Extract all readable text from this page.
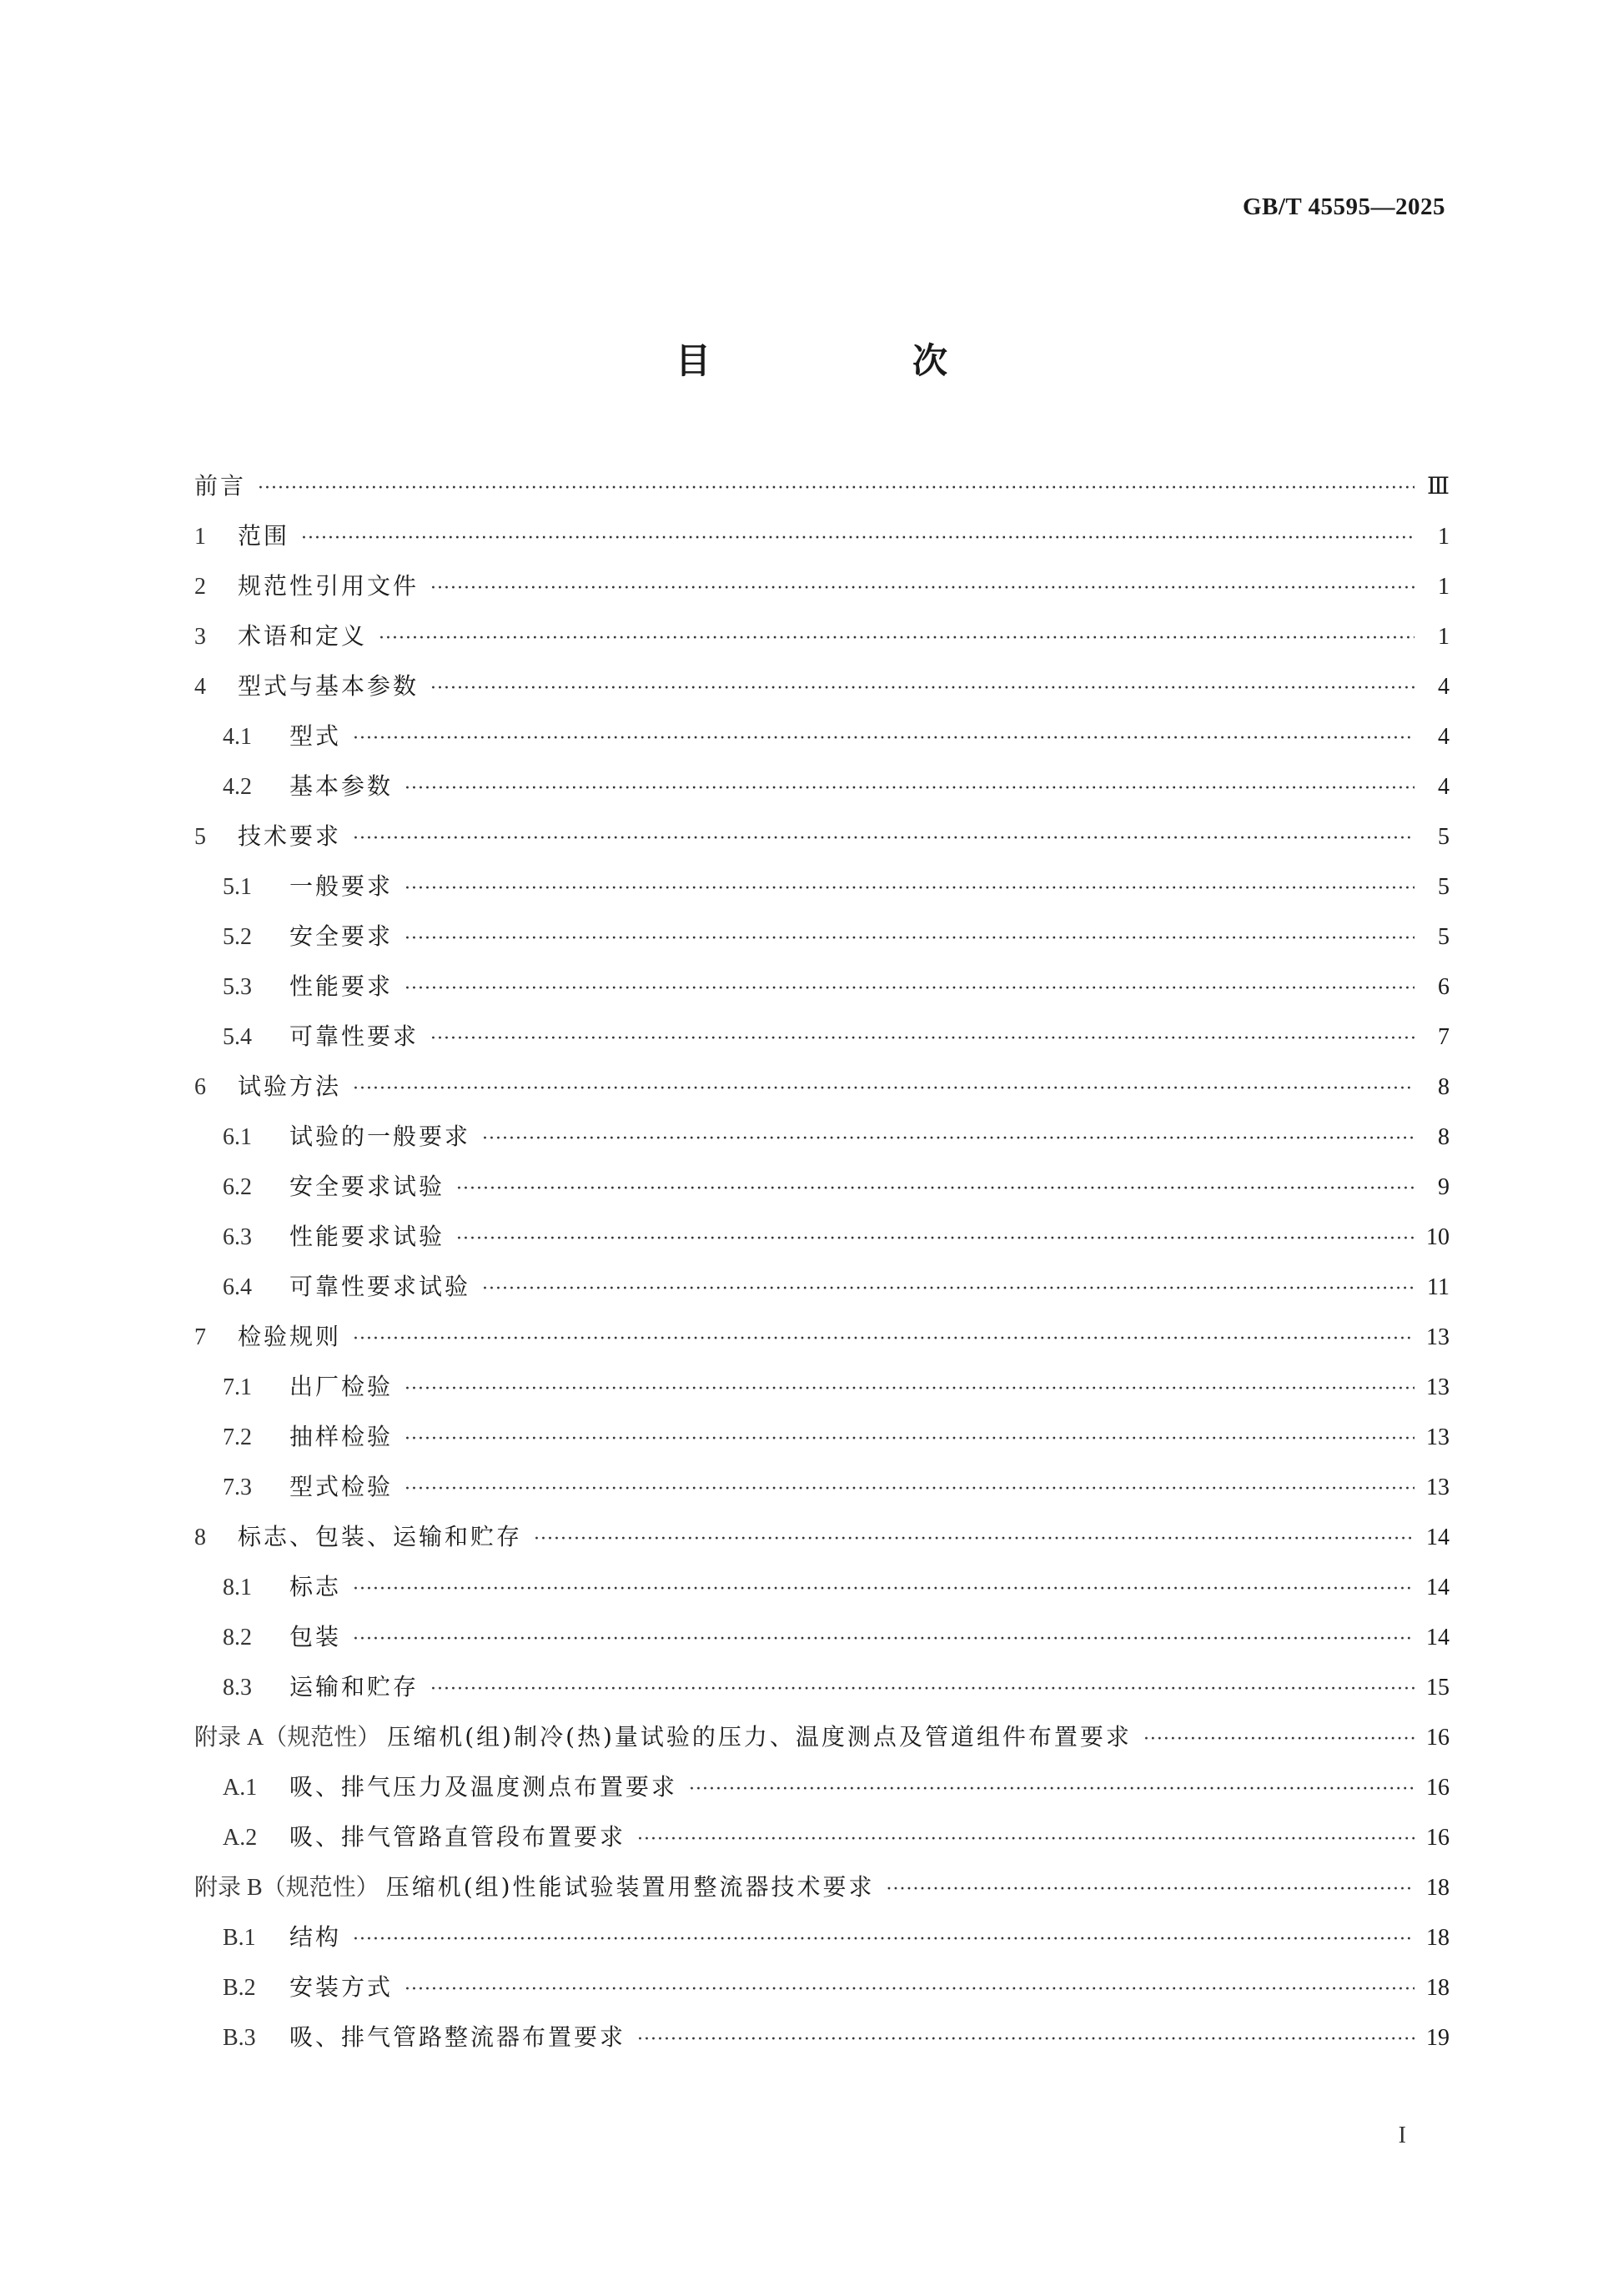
GB/T 45595—2025
目　次
前言 ·····	Ⅲ
1	范围 ·····	1
2	规范性引用文件 ·····	1
3	术语和定义 ·····	1
4	型式与基本参数 ·····	4
4.1	型式 ·····	4
4.2	基本参数 ·····	4
5	技术要求 ·····	5
5.1	一般要求 ·····	5
5.2	安全要求 ·····	5
5.3	性能要求 ·····	6
5.4	可靠性要求 ·····	7
6	试验方法 ·····	8
6.1	试验的一般要求 ·····	8
6.2	安全要求试验 ·····	9
6.3	性能要求试验 ·····	10
6.4	可靠性要求试验 ·····	11
7	检验规则 ·····	13
7.1	出厂检验 ·····	13
7.2	抽样检验 ·····	13
7.3	型式检验 ·····	13
8	标志、包装、运输和贮存 ·····	14
8.1	标志 ·····	14
8.2	包装 ·····	14
8.3	运输和贮存 ·····	15
附录 A（规范性） 压缩机(组)制冷(热)量试验的压力、温度测点及管道组件布置要求 ·····	16
A.1	吸、排气压力及温度测点布置要求 ·····	16
A.2	吸、排气管路直管段布置要求 ·····	16
附录 B（规范性） 压缩机(组)性能试验装置用整流器技术要求 ·····	18
B.1	结构 ·····	18
B.2	安装方式 ·····	18
B.3	吸、排气管路整流器布置要求 ·····	19
I
